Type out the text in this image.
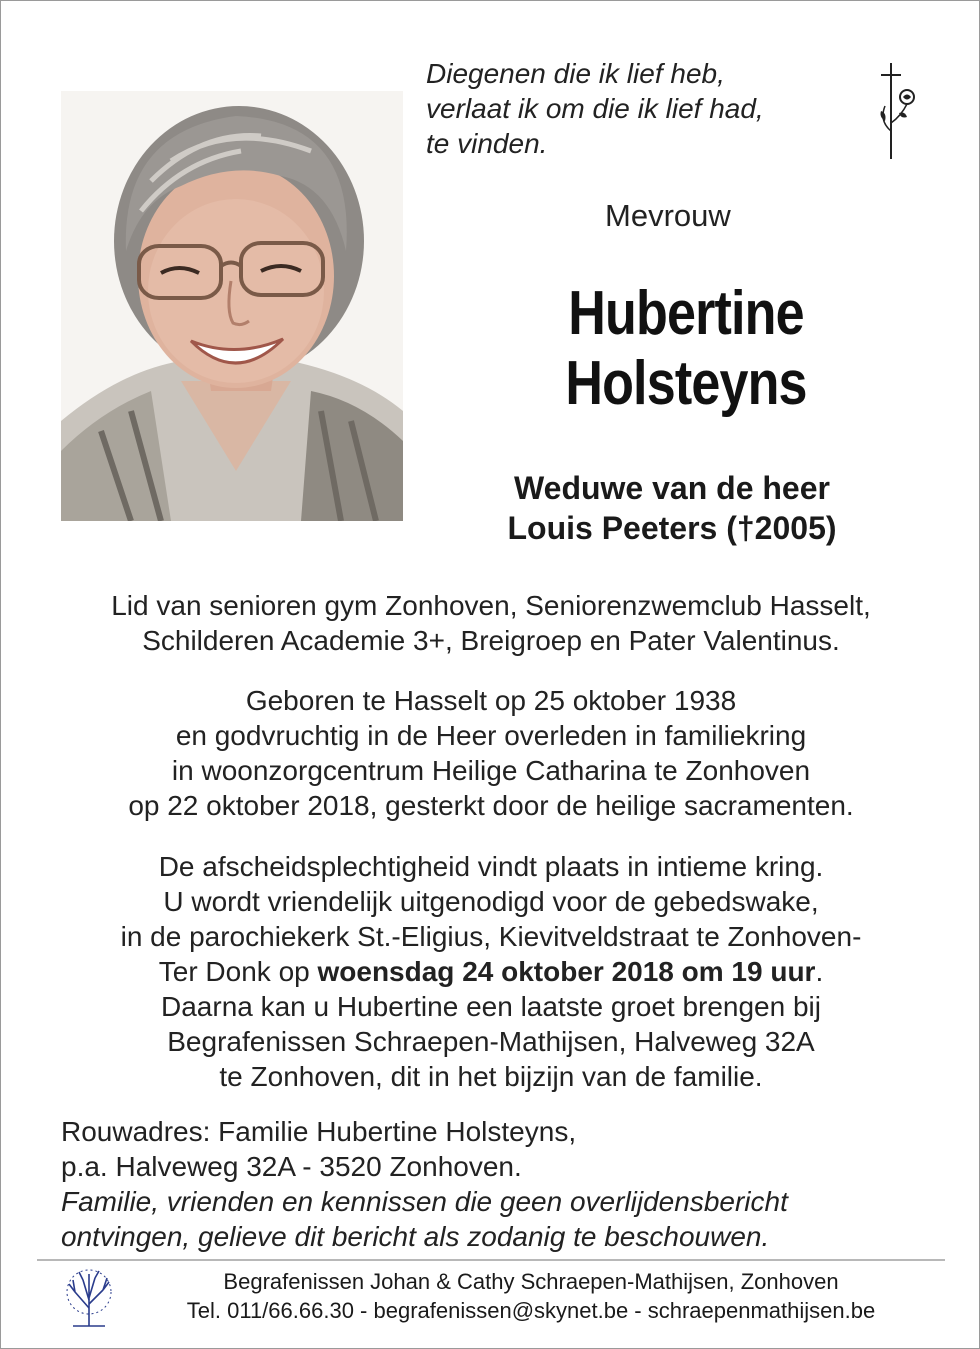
Diegenen die ik lief heb,
verlaat ik om die ik lief had,
te vinden.
Mevrouw
Hubertine
Holsteyns
Weduwe van de heer
Louis Peeters (†2005)
Lid van senioren gym Zonhoven, Seniorenzwemclub Hasselt,
Schilderen Academie 3+, Breigroep en Pater Valentinus.
Geboren te Hasselt op 25 oktober 1938
en godvruchtig in de Heer overleden in familiekring
in woonzorgcentrum Heilige Catharina te Zonhoven
op 22 oktober 2018, gesterkt door de heilige sacramenten.
De afscheidsplechtigheid vindt plaats in intieme kring.
U wordt vriendelijk uitgenodigd voor de gebedswake,
in de parochiekerk St.-Eligius, Kievitveldstraat te Zonhoven-
Ter Donk op woensdag 24 oktober 2018 om 19 uur.
Daarna kan u Hubertine een laatste groet brengen bij
Begrafenissen Schraepen-Mathijsen, Halveweg 32A
te Zonhoven, dit in het bijzijn van de familie.
Rouwadres: Familie Hubertine Holsteyns,
p.a. Halveweg 32A - 3520 Zonhoven.
Familie, vrienden en kennissen die geen overlijdensbericht
ontvingen, gelieve dit bericht als zodanig te beschouwen.
Begrafenissen Johan & Cathy Schraepen-Mathijsen, Zonhoven
Tel. 011/66.66.30 - begrafenissen@skynet.be - schraepenmathijsen.be
